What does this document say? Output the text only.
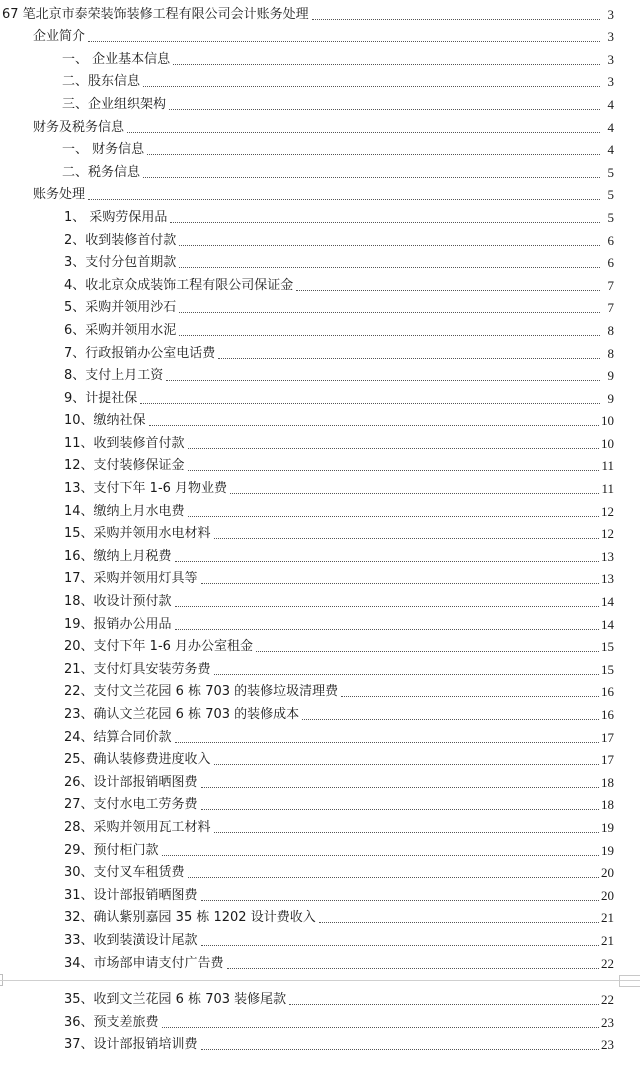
67 笔北京市泰荣装饰装修工程有限公司会计账务处理	3
企业简介	3
一、 企业基本信息	3
二、股东信息	3
三、企业组织架构	4
财务及税务信息	4
一、 财务信息	4
二、税务信息	5
账务处理	5
1、 采购劳保用品	5
2、收到装修首付款	6
3、支付分包首期款	6
4、收北京众成装饰工程有限公司保证金	7
5、采购并领用沙石	7
6、采购并领用水泥	8
7、行政报销办公室电话费	8
8、支付上月工资	9
9、计提社保	9
10、缴纳社保	10
11、收到装修首付款	10
12、支付装修保证金	11
13、支付下年 1-6 月物业费	11
14、缴纳上月水电费	12
15、采购并领用水电材料	12
16、缴纳上月税费	13
17、采购并领用灯具等	13
18、收设计预付款	14
19、报销办公用品	14
20、支付下年 1-6 月办公室租金	15
21、支付灯具安装劳务费	15
22、支付文兰花园 6 栋 703 的装修垃圾清理费	16
23、确认文兰花园 6 栋 703 的装修成本	16
24、结算合同价款	17
25、确认装修费进度收入	17
26、设计部报销晒图费	18
27、支付水电工劳务费	18
28、采购并领用瓦工材料	19
29、预付柜门款	19
30、支付叉车租赁费	20
31、设计部报销晒图费	20
32、确认紫别嘉园 35 栋 1202 设计费收入	21
33、收到装潢设计尾款	21
34、市场部申请支付广告费	22
35、收到文兰花园 6 栋 703 装修尾款	22
36、预支差旅费	23
37、设计部报销培训费	23
